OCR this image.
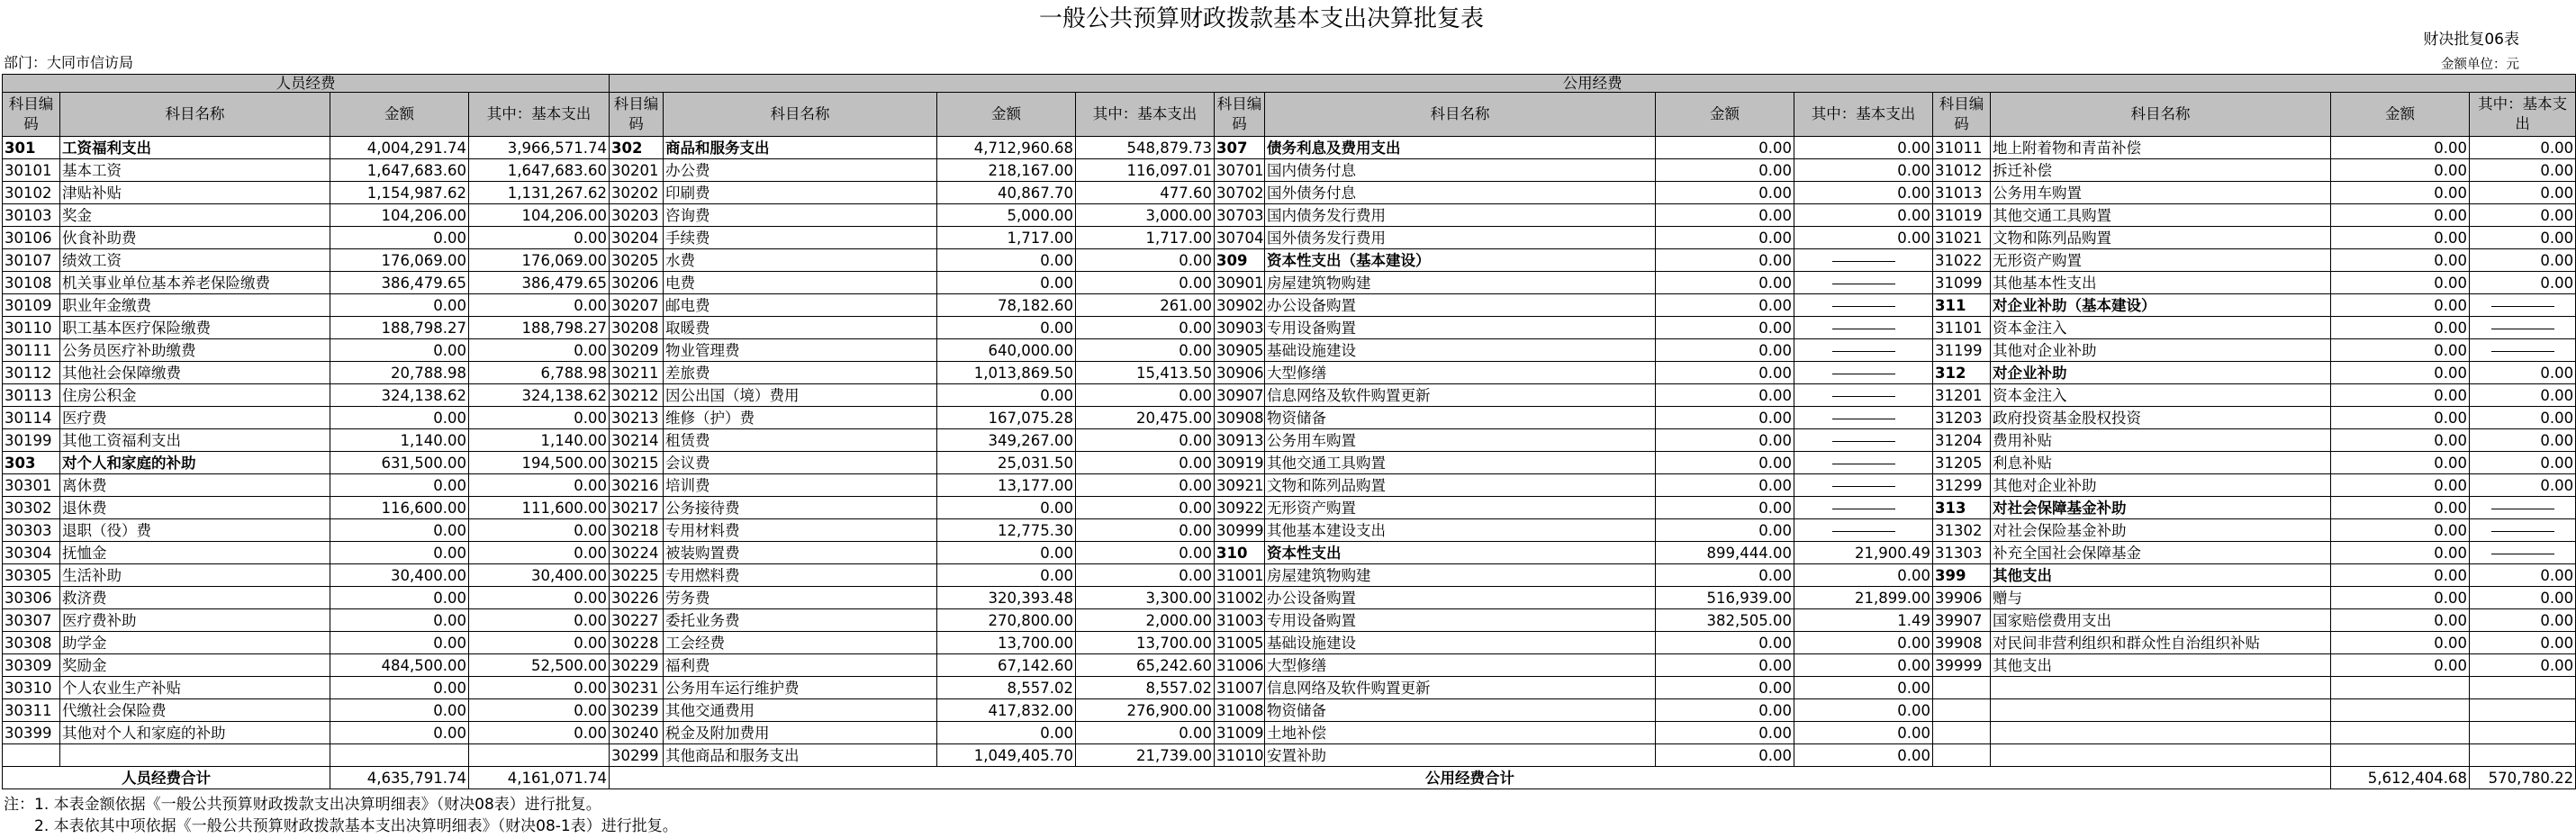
一般公共预算财政拨款基本支出决算批复表
财决批复06表
部门：大同市信访局	金额单位：元
人员经费				公用经费											
科目编码	科目名称	金额	其中：基本支出	科目编码	科目名称	金额	其中：基本支出	科目编码	科目名称	金额	其中：基本支出	科目编码	科目名称	金额	其中：基本支出
301	工资福利支出	4,004,291.74	3,966,571.74	302	商品和服务支出	4,712,960.68	548,879.73	307	债务利息及费用支出	0.00	0.00	31011	地上附着物和青苗补偿	0.00	0.00
30101	基本工资	1,647,683.60	1,647,683.60	30201	办公费	218,167.00	116,097.01	30701	国内债务付息	0.00	0.00	31012	拆迁补偿	0.00	0.00
30102	津贴补贴	1,154,987.62	1,131,267.62	30202	印刷费	40,867.70	477.60	30702	国外债务付息	0.00	0.00	31013	公务用车购置	0.00	0.00
30103	奖金	104,206.00	104,206.00	30203	咨询费	5,000.00	3,000.00	30703	国内债务发行费用	0.00	0.00	31019	其他交通工具购置	0.00	0.00
30106	伙食补助费	0.00	0.00	30204	手续费	1,717.00	1,717.00	30704	国外债务发行费用	0.00	0.00	31021	文物和陈列品购置	0.00	0.00
30107	绩效工资	176,069.00	176,069.00	30205	水费	0.00	0.00	309	资本性支出（基本建设）	0.00		31022	无形资产购置	0.00	0.00
30108	机关事业单位基本养老保险缴费	386,479.65	386,479.65	30206	电费	0.00	0.00	30901	房屋建筑物购建	0.00		31099	其他基本性支出	0.00	0.00
30109	职业年金缴费	0.00	0.00	30207	邮电费	78,182.60	261.00	30902	办公设备购置	0.00		311	对企业补助（基本建设）	0.00	
30110	职工基本医疗保险缴费	188,798.27	188,798.27	30208	取暖费	0.00	0.00	30903	专用设备购置	0.00		31101	资本金注入	0.00	
30111	公务员医疗补助缴费	0.00	0.00	30209	物业管理费	640,000.00	0.00	30905	基础设施建设	0.00		31199	其他对企业补助	0.00	
30112	其他社会保障缴费	20,788.98	6,788.98	30211	差旅费	1,013,869.50	15,413.50	30906	大型修缮	0.00		312	对企业补助	0.00	0.00
30113	住房公积金	324,138.62	324,138.62	30212	因公出国（境）费用	0.00	0.00	30907	信息网络及软件购置更新	0.00		31201	资本金注入	0.00	0.00
30114	医疗费	0.00	0.00	30213	维修（护）费	167,075.28	20,475.00	30908	物资储备	0.00		31203	政府投资基金股权投资	0.00	0.00
30199	其他工资福利支出	1,140.00	1,140.00	30214	租赁费	349,267.00	0.00	30913	公务用车购置	0.00		31204	费用补贴	0.00	0.00
303	对个人和家庭的补助	631,500.00	194,500.00	30215	会议费	25,031.50	0.00	30919	其他交通工具购置	0.00		31205	利息补贴	0.00	0.00
30301	离休费	0.00	0.00	30216	培训费	13,177.00	0.00	30921	文物和陈列品购置	0.00		31299	其他对企业补助	0.00	0.00
30302	退休费	116,600.00	111,600.00	30217	公务接待费	0.00	0.00	30922	无形资产购置	0.00		313	对社会保障基金补助	0.00	
30303	退职（役）费	0.00	0.00	30218	专用材料费	12,775.30	0.00	30999	其他基本建设支出	0.00		31302	对社会保险基金补助	0.00	
30304	抚恤金	0.00	0.00	30224	被装购置费	0.00	0.00	310	资本性支出	899,444.00	21,900.49	31303	补充全国社会保障基金	0.00	
30305	生活补助	30,400.00	30,400.00	30225	专用燃料费	0.00	0.00	31001	房屋建筑物购建	0.00	0.00	399	其他支出	0.00	0.00
30306	救济费	0.00	0.00	30226	劳务费	320,393.48	3,300.00	31002	办公设备购置	516,939.00	21,899.00	39906	赠与	0.00	0.00
30307	医疗费补助	0.00	0.00	30227	委托业务费	270,800.00	2,000.00	31003	专用设备购置	382,505.00	1.49	39907	国家赔偿费用支出	0.00	0.00
30308	助学金	0.00	0.00	30228	工会经费	13,700.00	13,700.00	31005	基础设施建设	0.00	0.00	39908	对民间非营利组织和群众性自治组织补贴	0.00	0.00
30309	奖励金	484,500.00	52,500.00	30229	福利费	67,142.60	65,242.60	31006	大型修缮	0.00	0.00	39999	其他支出	0.00	0.00
30310	个人农业生产补贴	0.00	0.00	30231	公务用车运行维护费	8,557.02	8,557.02	31007	信息网络及软件购置更新	0.00	0.00				
30311	代缴社会保险费	0.00	0.00	30239	其他交通费用	417,832.00	276,900.00	31008	物资储备	0.00	0.00				
30399	其他对个人和家庭的补助	0.00	0.00	30240	税金及附加费用	0.00	0.00	31009	土地补偿	0.00	0.00				
				30299	其他商品和服务支出	1,049,405.70	21,739.00	31010	安置补助	0.00	0.00				
人员经费合计		4,635,791.74	4,161,071.74	公用经费合计										5,612,404.68	570,780.22
注：1. 本表金额依据《一般公共预算财政拨款支出决算明细表》（财决08表）进行批复。
　　2. 本表依其中项依据《一般公共预算财政拨款基本支出决算明细表》（财决08-1表）进行批复。
